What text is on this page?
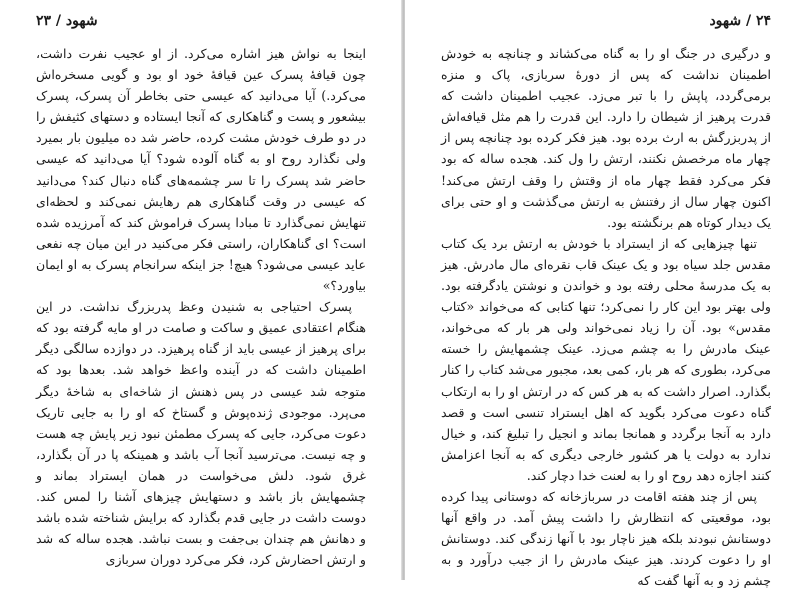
شهود / ۲۳

اینجا به نواش هیز اشاره می‌کرد. از او عجیب نفرت داشت، چون قیافهٔ پسرک عین قیافهٔ خود او بود و گویی مسخره‌اش می‌کرد.) آیا می‌دانید که عیسی حتی بخاطر آن پسرک، پسرک بیشعور و پست و گناهکاری که آنجا ایستاده و دستهای کثیفش را در دو طرف خودش مشت کرده، حاضر شد ده میلیون بار بمیرد ولی نگذارد روح او به گناه آلوده شود؟ آیا می‌دانید که عیسی حاضر شد پسرک را تا سر چشمه‌های گناه دنبال کند؟ می‌دانید که عیسی در وقت گناهکاری هم رهایش نمی‌کند و لحظه‌ای تنهایش نمی‌گذارد تا مبادا پسرک فراموش کند که آمرزیده شده است؟ ای گناهکاران، راستی فکر می‌کنید در این میان چه نفعی عاید عیسی می‌شود؟ هیچ! جز اینکه سرانجام پسرک به او ایمان بیاورد؟»

پسرک احتیاجی به شنیدن وعظ پدربزرگ نداشت. در این هنگام اعتقادی عمیق و ساکت و صامت در او مایه گرفته بود که برای پرهیز از عیسی باید از گناه پرهیزد. در دوازده سالگی دیگر اطمینان داشت که در آینده واعظ خواهد شد. بعدها بود که متوجه شد عیسی در پس ذهنش از شاخه‌ای به شاخهٔ دیگر می‌پرد. موجودی ژنده‌پوش و گستاخ که او را به جایی تاریک دعوت می‌کرد، جایی که پسرک مطمئن نبود زیر پایش چه هست و چه نیست. می‌ترسید آنجا آب باشد و همینکه پا در آن بگذارد، غرق شود. دلش می‌خواست در همان ایستراد بماند و چشمهایش باز باشد و دستهایش چیزهای آشنا را لمس کند. دوست داشت در جایی قدم بگذارد که برایش شناخته شده باشد و دهانش هم چندان بی‌جفت و بست نباشد. هجده ساله که شد و ارتش احضارش کرد، فکر می‌کرد دوران سربازی

۲۴ / شهود

و درگیری در جنگ او را به گناه می‌کشاند و چنانچه به خودش اطمینان نداشت که پس از دورهٔ سربازی، پاک و منزه برمی‌گردد، پاپش را با تبر می‌زد. عجیب اطمینان داشت که قدرت پرهیز از شیطان را دارد. این قدرت را هم مثل قیافه‌اش از پدربزرگش به ارث برده بود. هیز فکر کرده بود چنانچه پس از چهار ماه مرخصش نکنند، ارتش را ول کند. هجده ساله که بود فکر می‌کرد فقط چهار ماه از وقتش را وقف ارتش می‌کند! اکنون چهار سال از رفتنش به ارتش می‌گذشت و او حتی برای یک دیدار کوتاه هم برنگشته بود.

تنها چیزهایی که از ایستراد با خودش به ارتش برد یک کتاب مقدس جلد سیاه بود و یک عینک قاب نقره‌ای مال مادرش. هیز به یک مدرسهٔ محلی رفته بود و خواندن و نوشتن یادگرفته بود. ولی بهتر بود این کار را نمی‌کرد؛ تنها کتابی که می‌خواند «کتاب مقدس» بود. آن را زیاد نمی‌خواند ولی هر بار که می‌خواند، عینک مادرش را به چشم می‌زد. عینک چشمهایش را خسته می‌کرد، بطوری که هر بار، کمی بعد، مجبور می‌شد کتاب را کنار بگذارد. اصرار داشت که به هر کس که در ارتش او را به ارتکاب گناه دعوت می‌کرد بگوید که اهل ایستراد تنسی است و قصد دارد به آنجا برگردد و همانجا بماند و انجیل را تبلیغ کند، و خیال ندارد به دولت یا هر کشور خارجی دیگری که به آنجا اعزامش کنند اجازه دهد روح او را به لعنت خدا دچار کند.

پس از چند هفته اقامت در سربازخانه که دوستانی پیدا کرده بود، موقعیتی که انتظارش را داشت پیش آمد. در واقع آنها دوستانش نبودند بلکه هیز ناچار بود با آنها زندگی کند. دوستانش او را دعوت کردند. هیز عینک مادرش را از جیب درآورد و به چشم زد و به آنها گفت که
